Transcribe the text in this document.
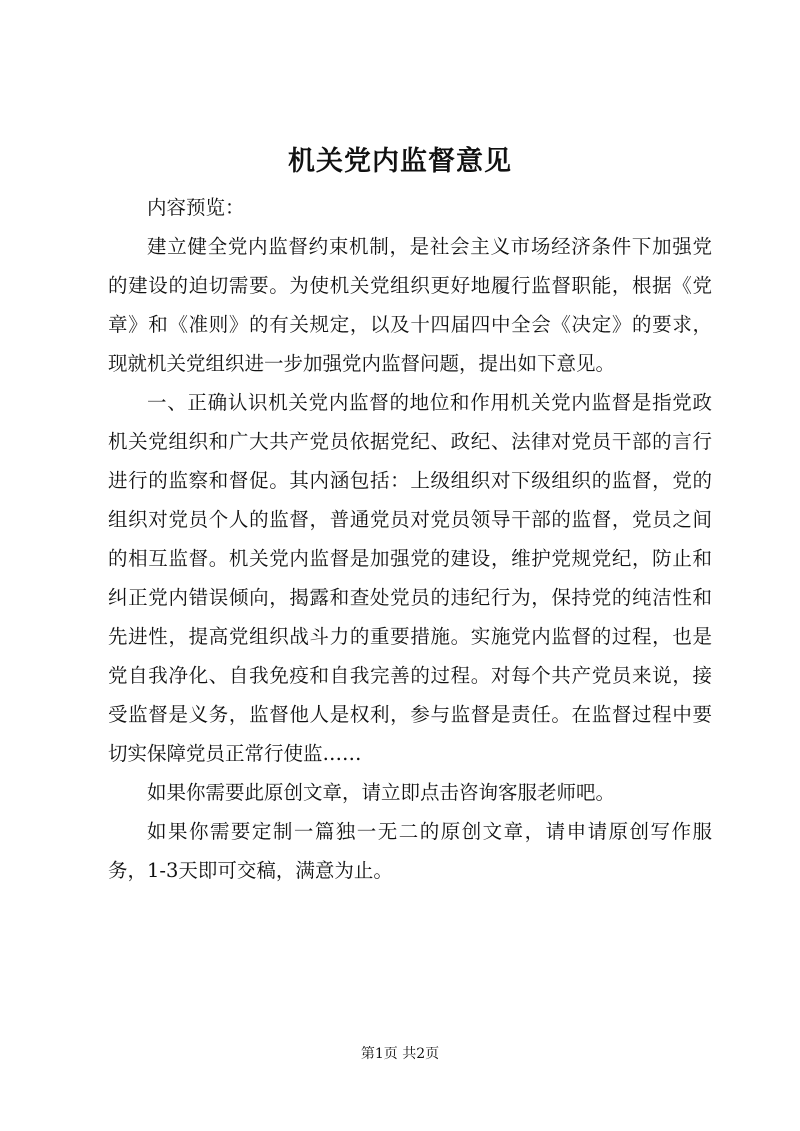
机关党内监督意见

内容预览：

建立健全党内监督约束机制，是社会主义市场经济条件下加强党的建设的迫切需要。为使机关党组织更好地履行监督职能，根据《党章》和《准则》的有关规定，以及十四届四中全会《决定》的要求，现就机关党组织进一步加强党内监督问题，提出如下意见。

一、正确认识机关党内监督的地位和作用机关党内监督是指党政机关党组织和广大共产党员依据党纪、政纪、法律对党员干部的言行进行的监察和督促。其内涵包括：上级组织对下级组织的监督，党的组织对党员个人的监督，普通党员对党员领导干部的监督，党员之间的相互监督。机关党内监督是加强党的建设，维护党规党纪，防止和纠正党内错误倾向，揭露和查处党员的违纪行为，保持党的纯洁性和先进性，提高党组织战斗力的重要措施。实施党内监督的过程，也是党自我净化、自我免疫和自我完善的过程。对每个共产党员来说，接受监督是义务，监督他人是权利，参与监督是责任。在监督过程中要切实保障党员正常行使监……

如果你需要此原创文章，请立即点击咨询客服老师吧。

如果你需要定制一篇独一无二的原创文章，请申请原创写作服务，1-3天即可交稿，满意为止。

第1页 共2页
